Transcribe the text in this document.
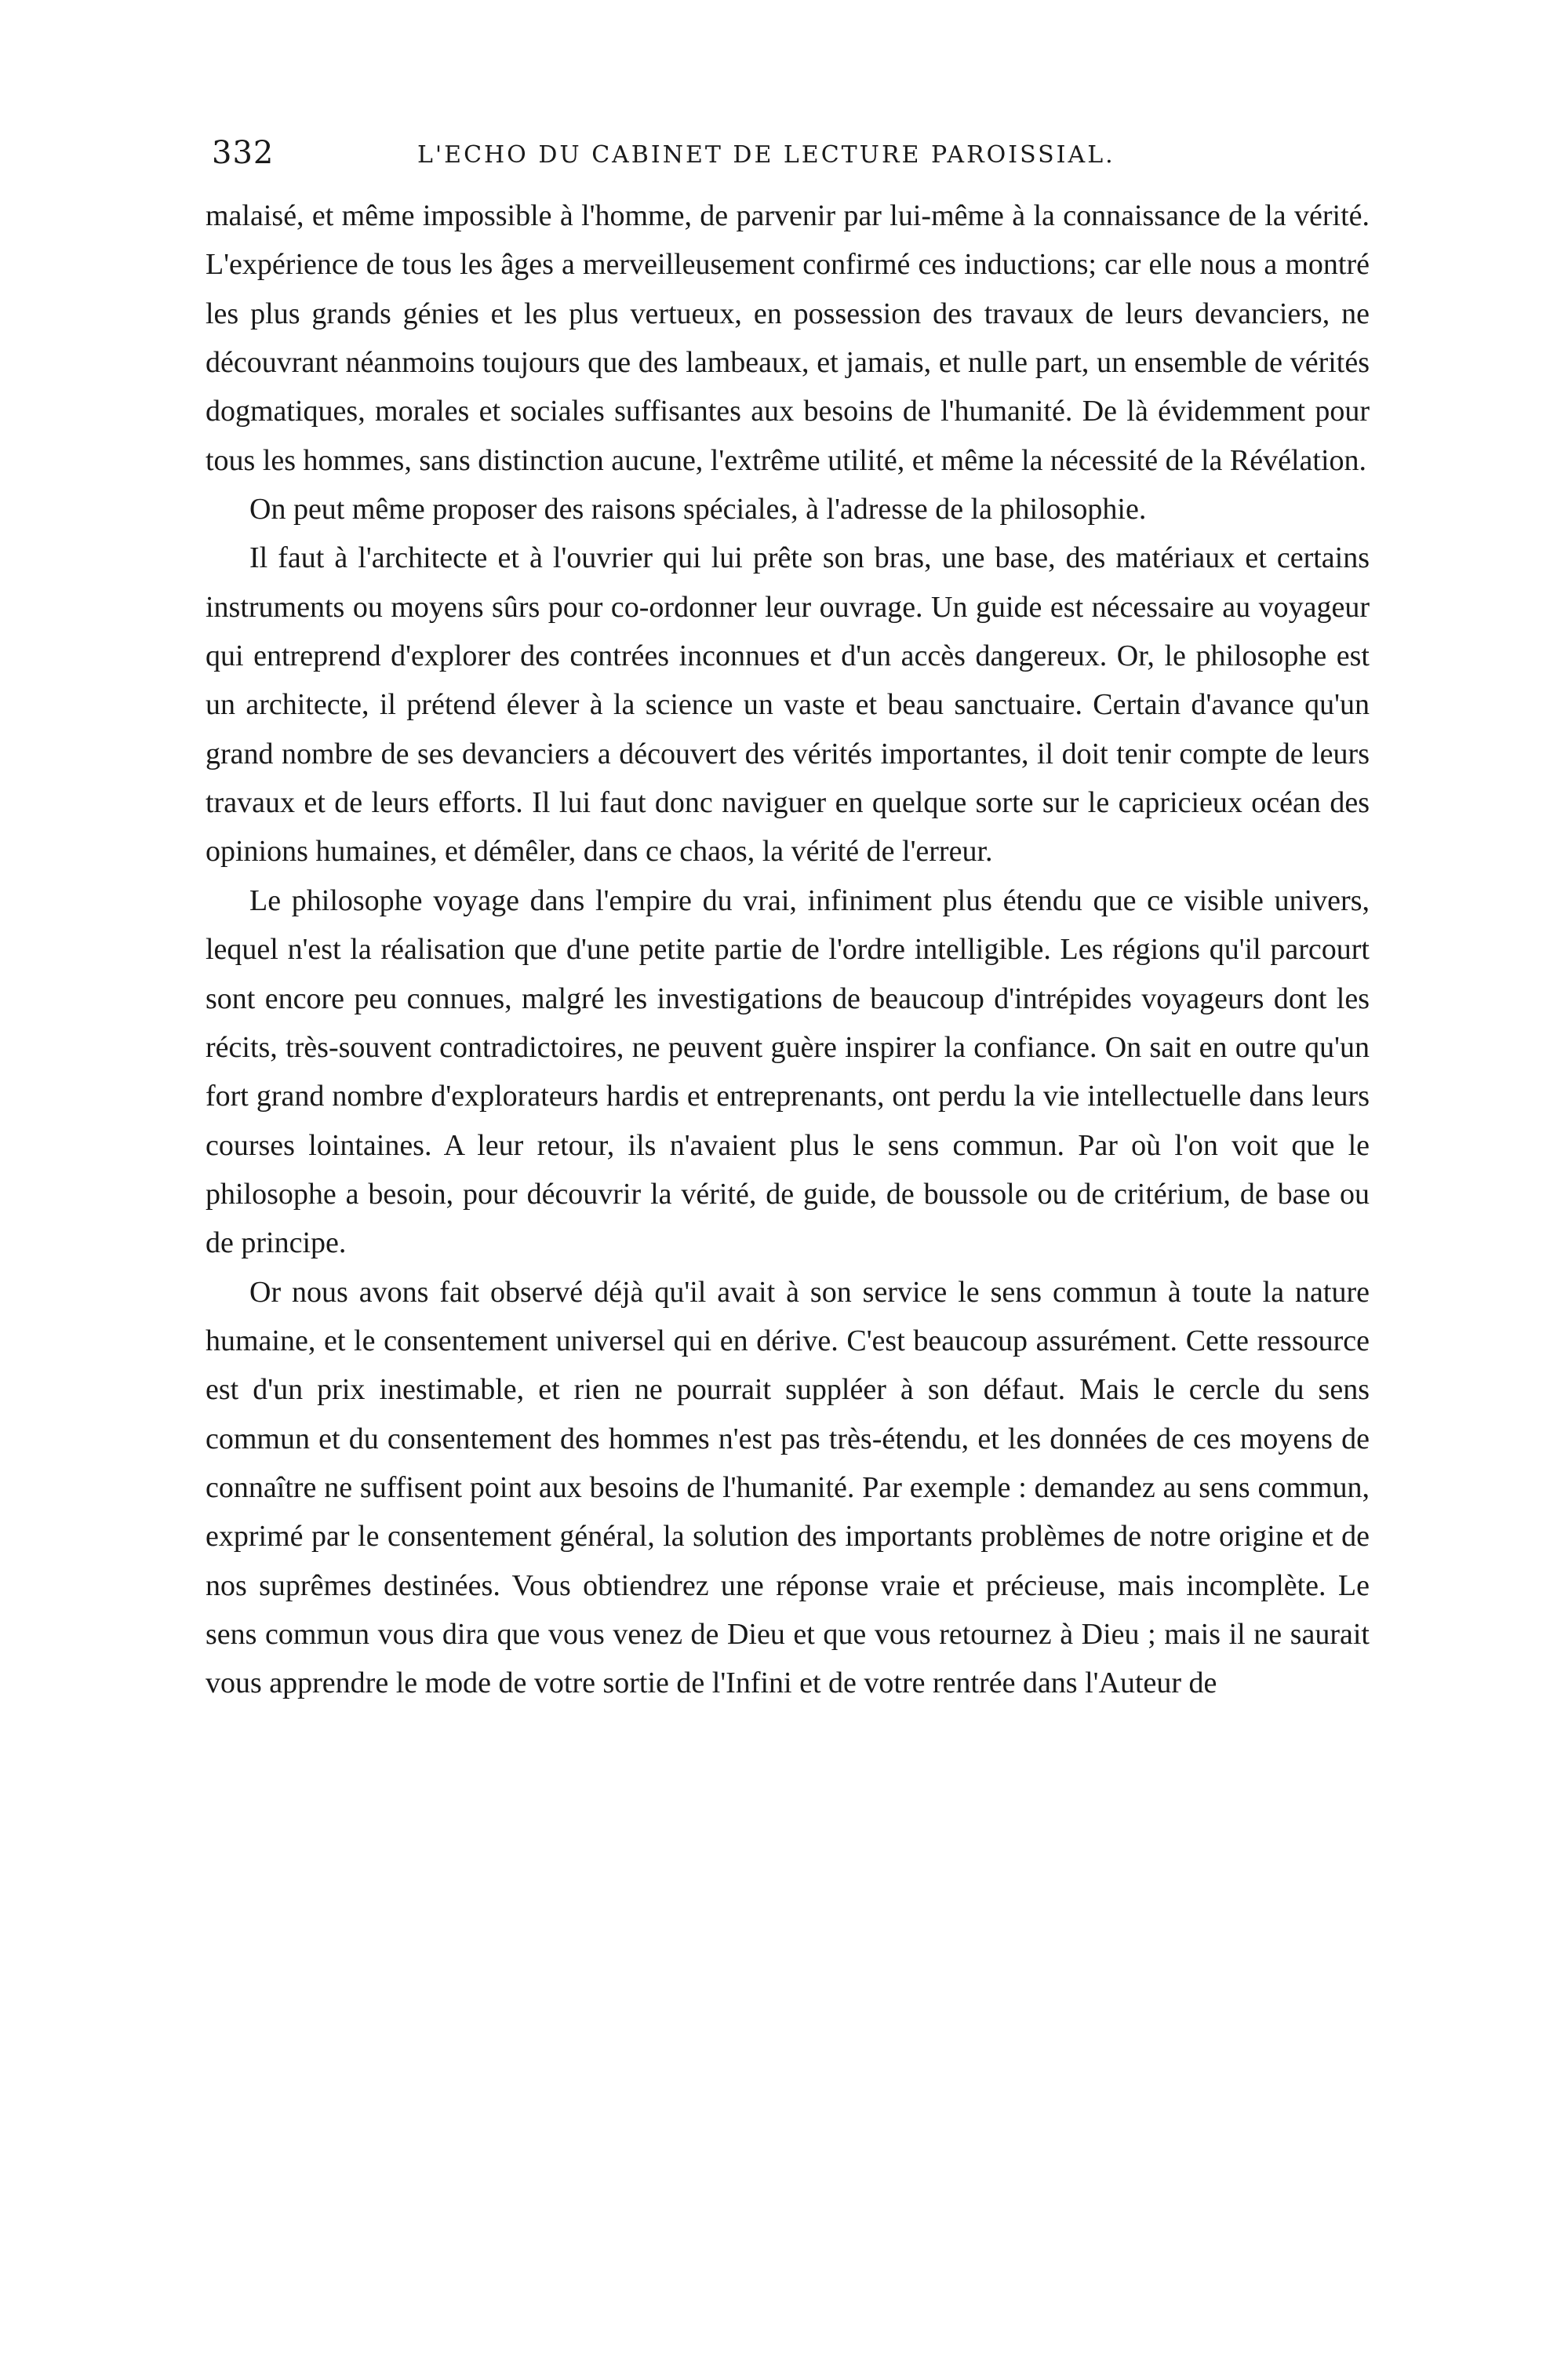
332	L'ECHO DU CABINET DE LECTURE PAROISSIAL.

malaisé, et même impossible à l'homme, de parvenir par lui-même à la connaissance de la vérité. L'expérience de tous les âges a merveilleusement confirmé ces inductions; car elle nous a montré les plus grands génies et les plus vertueux, en possession des travaux de leurs devanciers, ne découvrant néanmoins toujours que des lambeaux, et jamais, et nulle part, un ensemble de vérités dogmatiques, morales et sociales suffisantes aux besoins de l'humanité. De là évidemment pour tous les hommes, sans distinction aucune, l'extrême utilité, et même la nécessité de la Révélation.

On peut même proposer des raisons spéciales, à l'adresse de la philosophie.

Il faut à l'architecte et à l'ouvrier qui lui prête son bras, une base, des matériaux et certains instruments ou moyens sûrs pour co-ordonner leur ouvrage. Un guide est nécessaire au voyageur qui entreprend d'explorer des contrées inconnues et d'un accès dangereux. Or, le philosophe est un architecte, il prétend élever à la science un vaste et beau sanctuaire. Certain d'avance qu'un grand nombre de ses devanciers a découvert des vérités importantes, il doit tenir compte de leurs travaux et de leurs efforts. Il lui faut donc naviguer en quelque sorte sur le capricieux océan des opinions humaines, et démêler, dans ce chaos, la vérité de l'erreur.

Le philosophe voyage dans l'empire du vrai, infiniment plus étendu que ce visible univers, lequel n'est la réalisation que d'une petite partie de l'ordre intelligible. Les régions qu'il parcourt sont encore peu connues, malgré les investigations de beaucoup d'intrépides voyageurs dont les récits, très-souvent contradictoires, ne peuvent guère inspirer la confiance. On sait en outre qu'un fort grand nombre d'explorateurs hardis et entreprenants, ont perdu la vie intellectuelle dans leurs courses lointaines. A leur retour, ils n'avaient plus le sens commun. Par où l'on voit que le philosophe a besoin, pour découvrir la vérité, de guide, de boussole ou de critérium, de base ou de principe.

Or nous avons fait observé déjà qu'il avait à son service le sens commun à toute la nature humaine, et le consentement universel qui en dérive. C'est beaucoup assurément. Cette ressource est d'un prix inestimable, et rien ne pourrait suppléer à son défaut. Mais le cercle du sens commun et du consentement des hommes n'est pas très-étendu, et les données de ces moyens de connaître ne suffisent point aux besoins de l'humanité. Par exemple : demandez au sens commun, exprimé par le consentement général, la solution des importants problèmes de notre origine et de nos suprêmes destinées. Vous obtiendrez une réponse vraie et précieuse, mais incomplète. Le sens commun vous dira que vous venez de Dieu et que vous retournez à Dieu ; mais il ne saurait vous apprendre le mode de votre sortie de l'Infini et de votre rentrée dans l'Auteur de
